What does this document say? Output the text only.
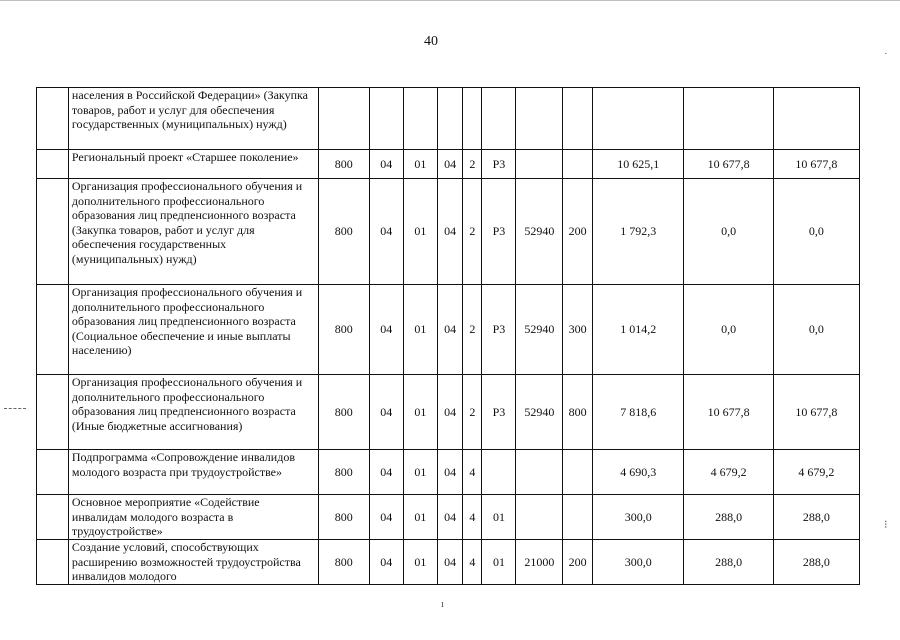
40
	населения в Российской Федерации» (Закупка товаров, работ и услуг для обеспечения государственных (муниципальных) нужд)											
	Региональный проект «Старшее поколение»	800	04	01	04	2	Р3			10 625,1	10 677,8	10 677,8
	Организация профессионального обучения и дополнительного профессионального образования лиц предпенсионного возраста (Закупка товаров, работ и услуг для обеспечения государственных (муниципальных) нужд)	800	04	01	04	2	Р3	52940	200	1 792,3	0,0	0,0
	Организация профессионального обучения и дополнительного профессионального образования лиц предпенсионного возраста (Социальное обеспечение и иные выплаты населению)	800	04	01	04	2	Р3	52940	300	1 014,2	0,0	0,0
	Организация профессионального обучения и дополнительного профессионального образования лиц предпенсионного возраста (Иные бюджетные ассигнования)	800	04	01	04	2	Р3	52940	800	7 818,6	10 677,8	10 677,8
	Подпрограмма «Сопровождение инвалидов молодого возраста при трудоустройстве»	800	04	01	04	4				4 690,3	4 679,2	4 679,2
	Основное мероприятие «Содействие инвалидам молодого возраста в трудоустройстве»	800	04	01	04	4	01			300,0	288,0	288,0
	Создание условий, способствующих расширению возможностей трудоустройства инвалидов молодого	800	04	01	04	4	01	21000	200	300,0	288,0	288,0
·
⁝
ı
